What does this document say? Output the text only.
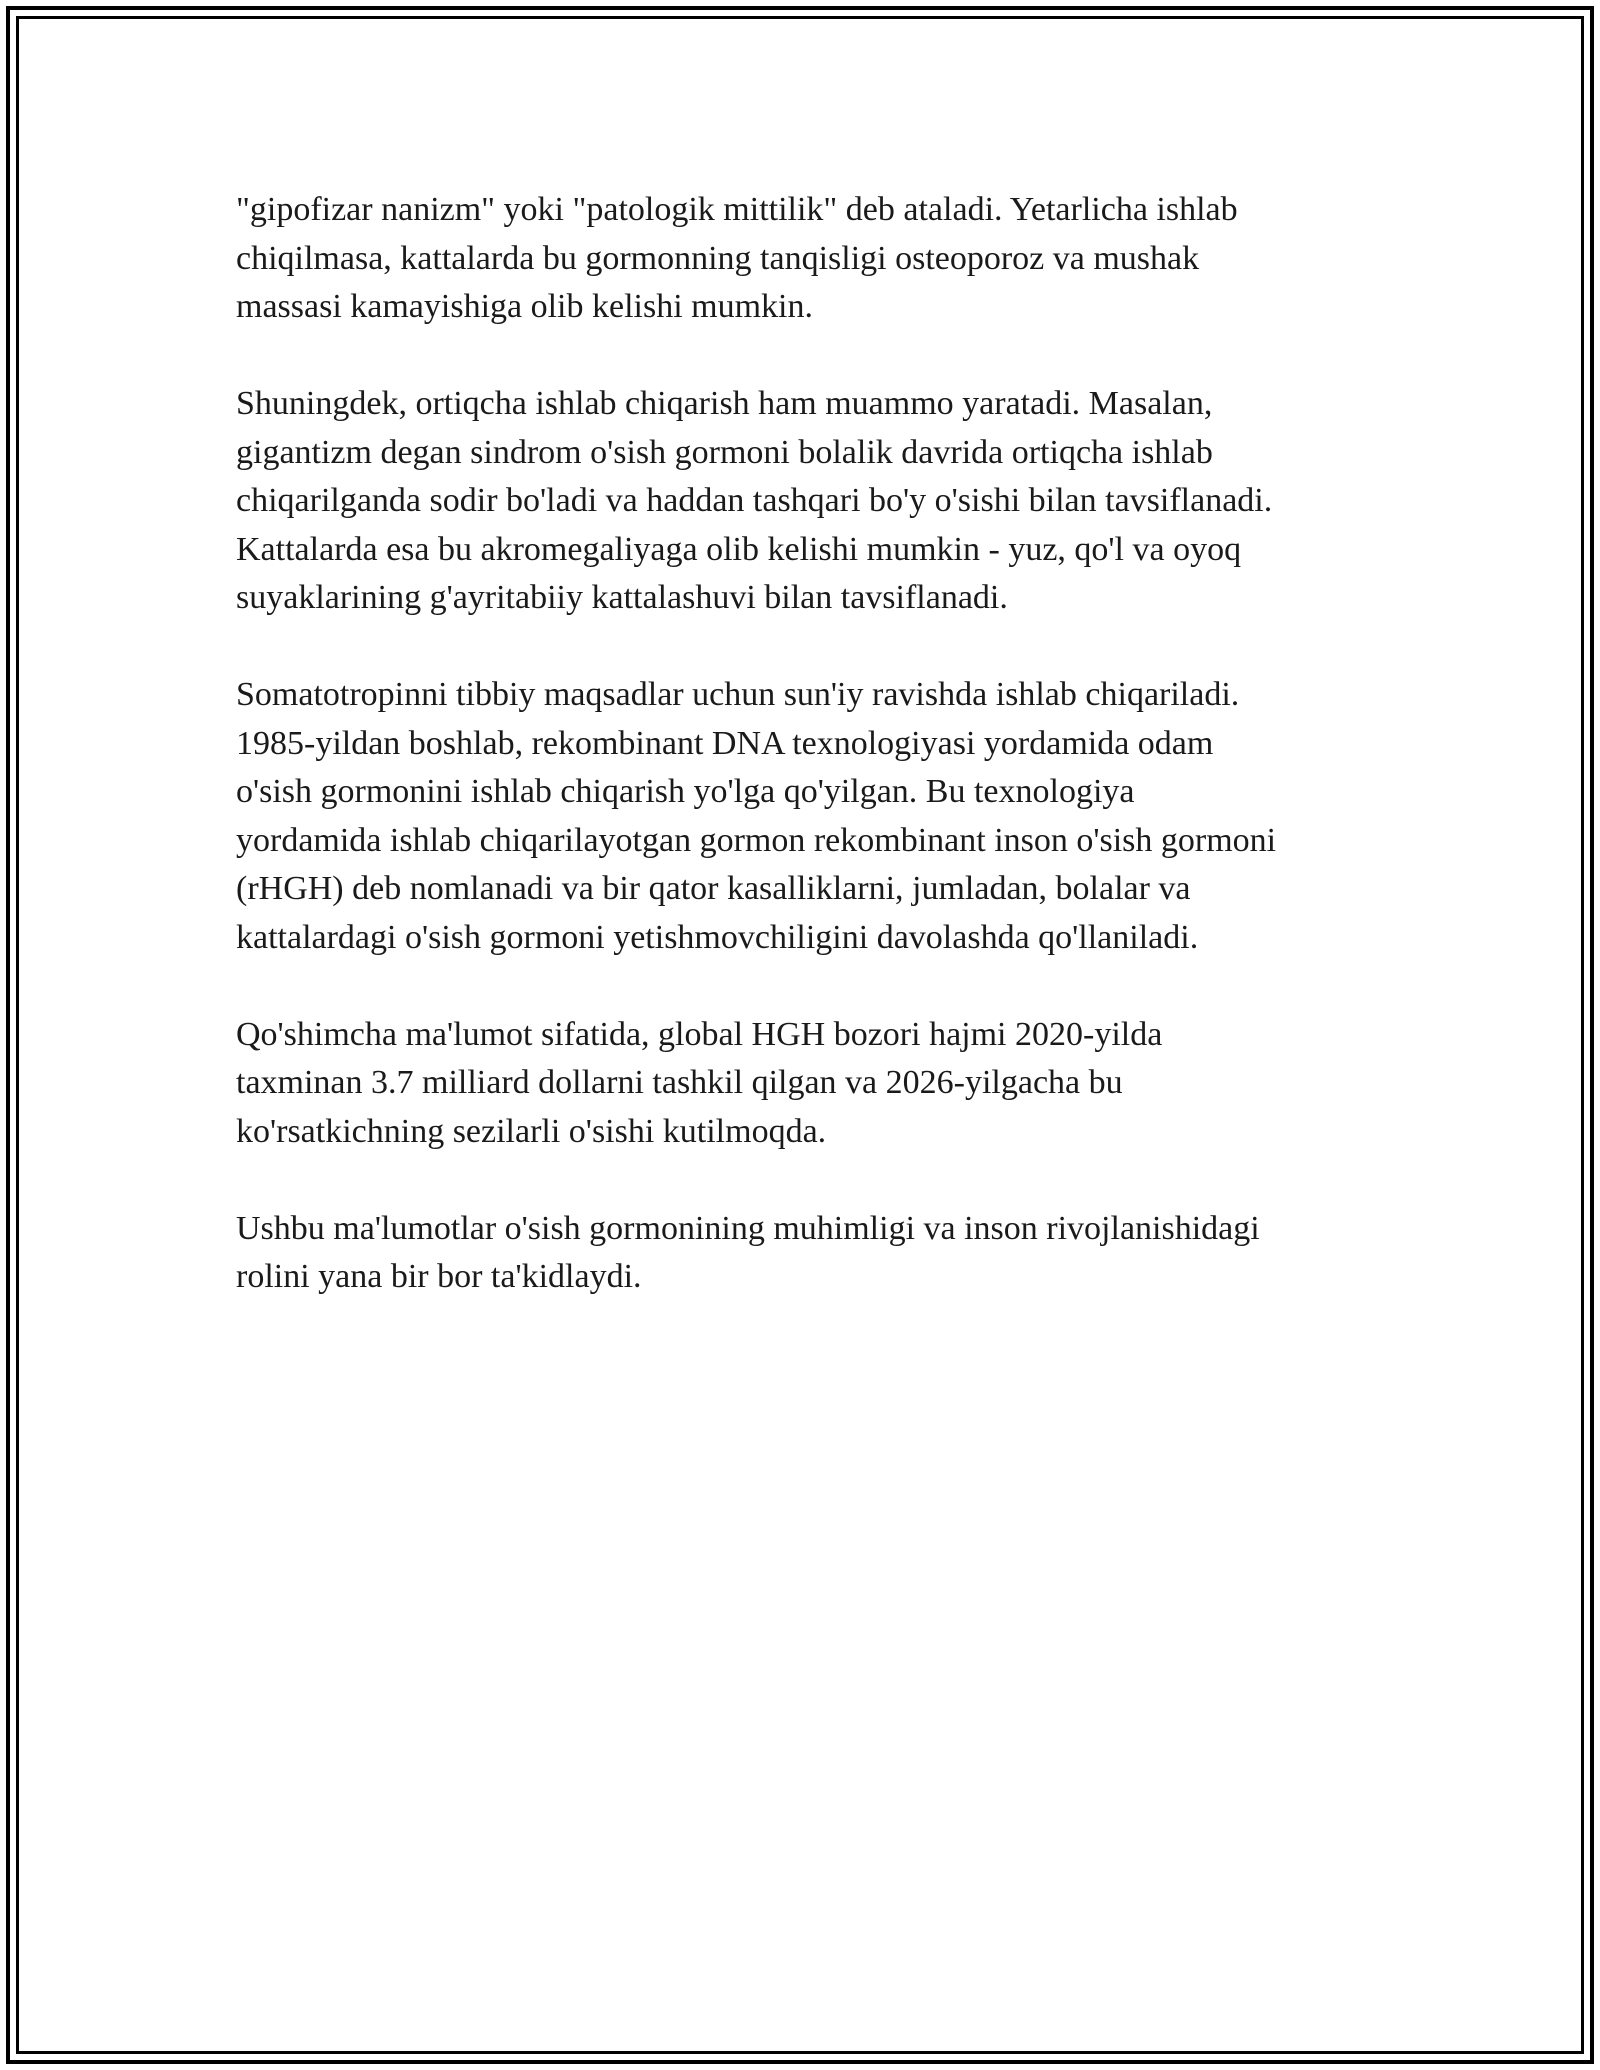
"gipofizar nanizm" yoki "patologik mittilik" deb ataladi. Yetarlicha ishlab
chiqilmasa, kattalarda bu gormonning tanqisligi osteoporoz va mushak
massasi kamayishiga olib kelishi mumkin.

Shuningdek, ortiqcha ishlab chiqarish ham muammo yaratadi. Masalan,
gigantizm degan sindrom o'sish gormoni bolalik davrida ortiqcha ishlab
chiqarilganda sodir bo'ladi va haddan tashqari bo'y o'sishi bilan tavsiflanadi.
Kattalarda esa bu akromegaliyaga olib kelishi mumkin - yuz, qo'l va oyoq
suyaklarining g'ayritabiiy kattalashuvi bilan tavsiflanadi.

Somatotropinni tibbiy maqsadlar uchun sun'iy ravishda ishlab chiqariladi.
1985-yildan boshlab, rekombinant DNA texnologiyasi yordamida odam
o'sish gormonini ishlab chiqarish yo'lga qo'yilgan. Bu texnologiya
yordamida ishlab chiqarilayotgan gormon rekombinant inson o'sish gormoni
(rHGH) deb nomlanadi va bir qator kasalliklarni, jumladan, bolalar va
kattalardagi o'sish gormoni yetishmovchiligini davolashda qo'llaniladi.

Qo'shimcha ma'lumot sifatida, global HGH bozori hajmi 2020-yilda
taxminan 3.7 milliard dollarni tashkil qilgan va 2026-yilgacha bu
ko'rsatkichning sezilarli o'sishi kutilmoqda.

Ushbu ma'lumotlar o'sish gormonining muhimligi va inson rivojlanishidagi
rolini yana bir bor ta'kidlaydi.
